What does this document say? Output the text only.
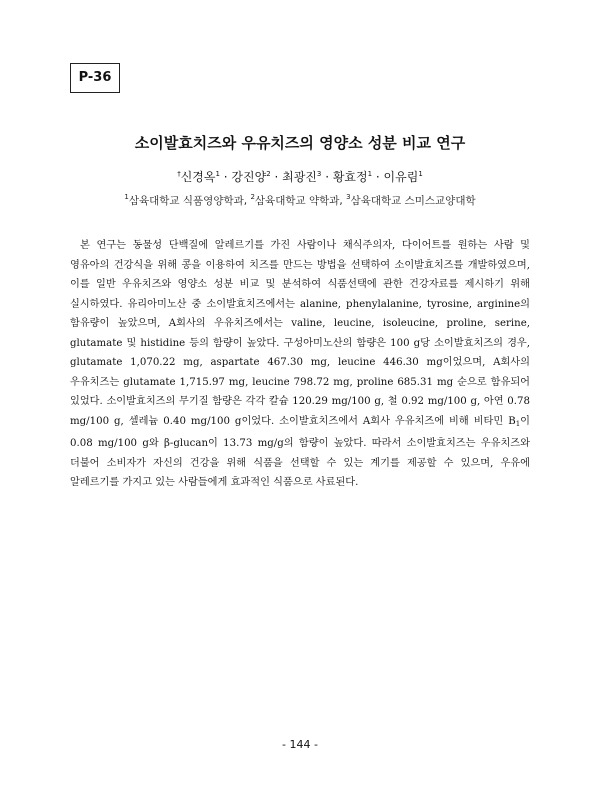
P-36
소이발효치즈와 우유치즈의 영양소 성분 비교 연구
†신경옥$^1$ · 강진양$^2$ · 최광진$^3$ · 황효정$^1$ · 이유림$^1$
$^1$삼육대학교 식품영양학과, $^2$삼육대학교 약학과, $^3$삼육대학교 스미스교양대학
본 연구는 동물성 단백질에 알레르기를 가진 사람이나 채식주의자, 다이어트를 원하는 사람 및 영유아의 건강식을 위해 콩을 이용하여 치즈를 만드는 방법을 선택하여 소이발효치즈를 개발하였으며, 이를 일반 우유치즈와 영양소 성분 비교 및 분석하여 식품선택에 관한 건강자료를 제시하기 위해 실시하였다. 유리아미노산 중 소이발효치즈에서는 alanine, phenylalanine, tyrosine, arginine의 함유량이 높았으며, A회사의 우유치즈에서는 valine, leucine, isoleucine, proline, serine, glutamate 및 histidine 등의 함량이 높았다. 구성아미노산의 함량은 100 g당 소이발효치즈의 경우, glutamate 1,070.22 mg, aspartate 467.30 mg, leucine 446.30 mg이었으며, A회사의 우유치즈는 glutamate 1,715.97 mg, leucine 798.72 mg, proline 685.31 mg 순으로 함유되어 있었다. 소이발효치즈의 무기질 함량은 각각 칼슘 120.29 mg/100 g, 철 0.92 mg/100 g, 아연 0.78 mg/100 g, 셀레늄 0.40 mg/100 g이었다. 소이발효치즈에서 A회사 우유치즈에 비해 비타민 $B_1$이 0.08 mg/100 g와 β-glucan이 13.73 mg/g의 함량이 높았다. 따라서 소이발효치즈는 우유치즈와 더불어 소비자가 자신의 건강을 위해 식품을 선택할 수 있는 계기를 제공할 수 있으며, 우유에 알레르기를 가지고 있는 사람들에게 효과적인 식품으로 사료된다.
- 144 -
